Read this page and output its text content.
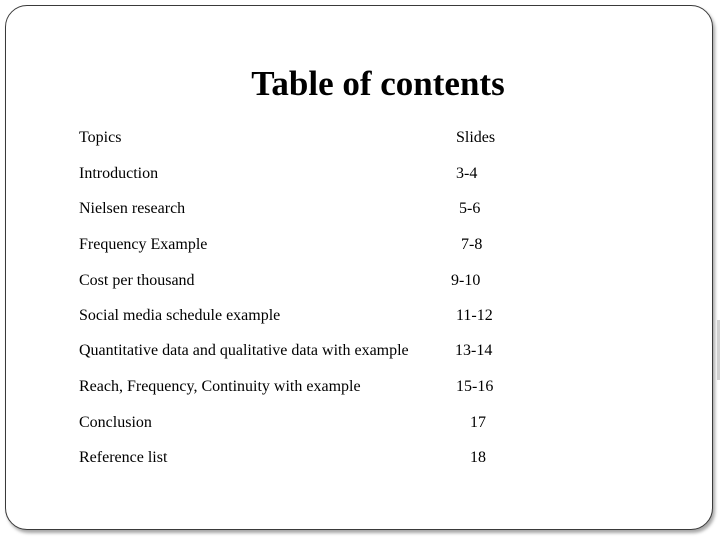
Table of contents
Topics	Slides
Introduction	3-4
Nielsen research	5-6
Frequency Example	7-8
Cost per thousand	9-10
Social media schedule example	11-12
Quantitative data and qualitative data with example	13-14
Reach, Frequency, Continuity with example	15-16
Conclusion	17
Reference list	18
